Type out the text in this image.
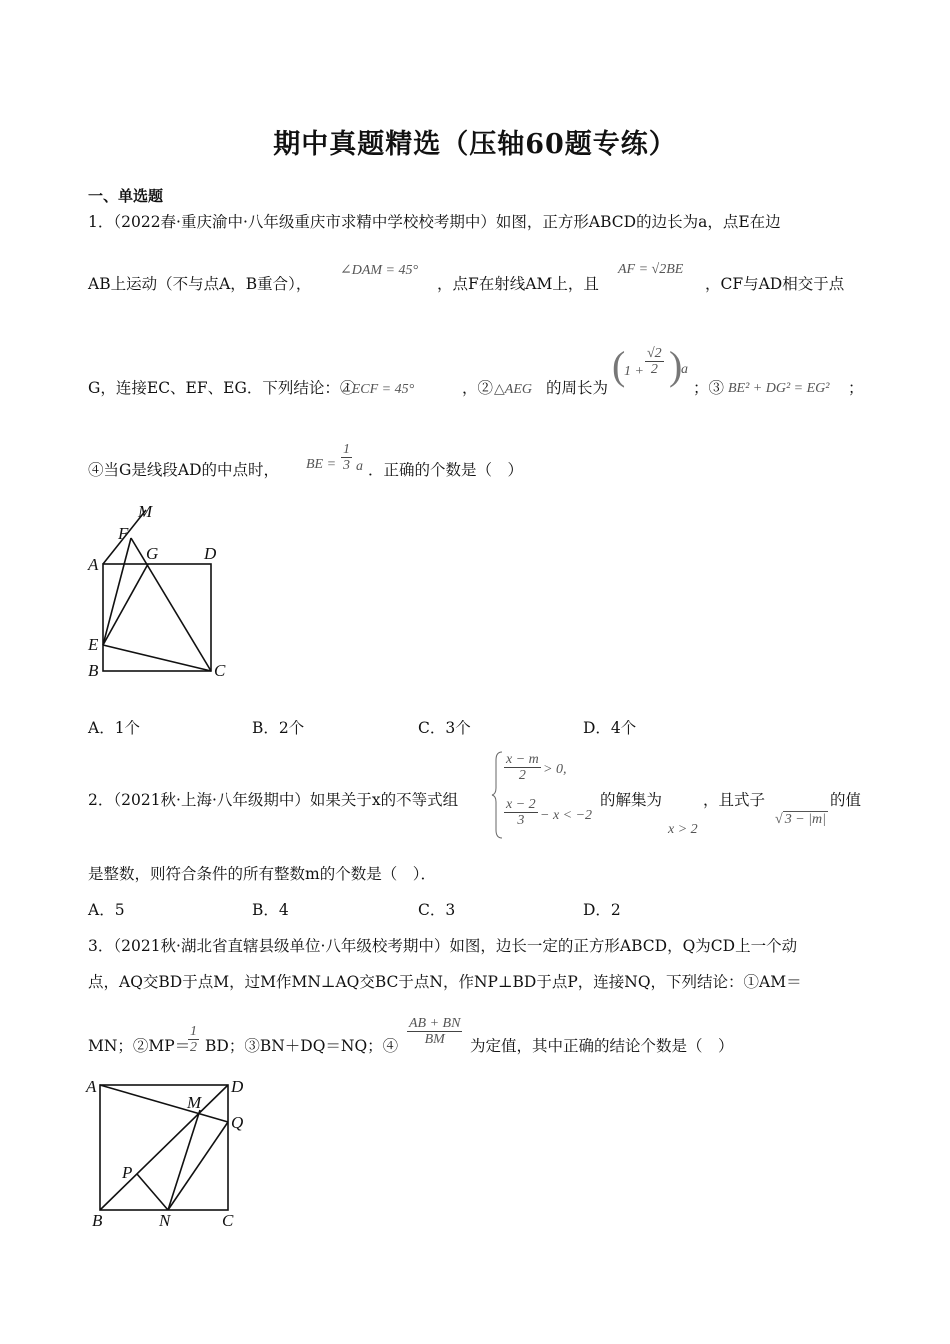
期中真题精选（压轴60题专练）
一、单选题
1．（2022春·重庆渝中·八年级重庆市求精中学校校考期中）如图，正方形ABCD的边长为a，点E在边
AB上运动（不与点A，B重合），
∠DAM = 45°
，点F在射线AM上，且
AF = √2BE
，CF与AD相交于点
G，连接EC、EF、EG．下列结论：①
∠ECF = 45°	，② △AEG 的周长为 (
$1 + \frac{√2}{2}$ )
a
；③ BE² + DG² = EG² ；
④当G是线段AD的中点时， BE = $\frac{1}{3}$ a ．正确的个数是（　）
M
F
G	D
A
E
B	C
A．1个	B．2个	C．3个	D．4个
2．（2021秋·上海·八年级期中）如果关于x的不等式组
$\frac{x - m}{2} > 0$,
$\frac{x - 2}{3} - x < -2$
的解集为
x > 2
，且式子
√ 3 − |m|
的值
是整数，则符合条件的所有整数m的个数是（　）．
A．5	B．4	C．3	D．2
3．（2021秋·湖北省直辖县级单位·八年级校考期中）如图，边长一定的正方形ABCD，Q为CD上一个动
点，AQ交BD于点M，过M作MN⊥AQ交BC于点N，作NP⊥BD于点P，连接NQ，下列结论：①AM＝
MN；②MP＝
$\frac{1}{2}$ BD；③BN＋DQ＝NQ；④ $\frac{AB + BN}{BM}$ 为定值，其中正确的结论个数是（　）
A	D
M
Q
P
B	N	C
